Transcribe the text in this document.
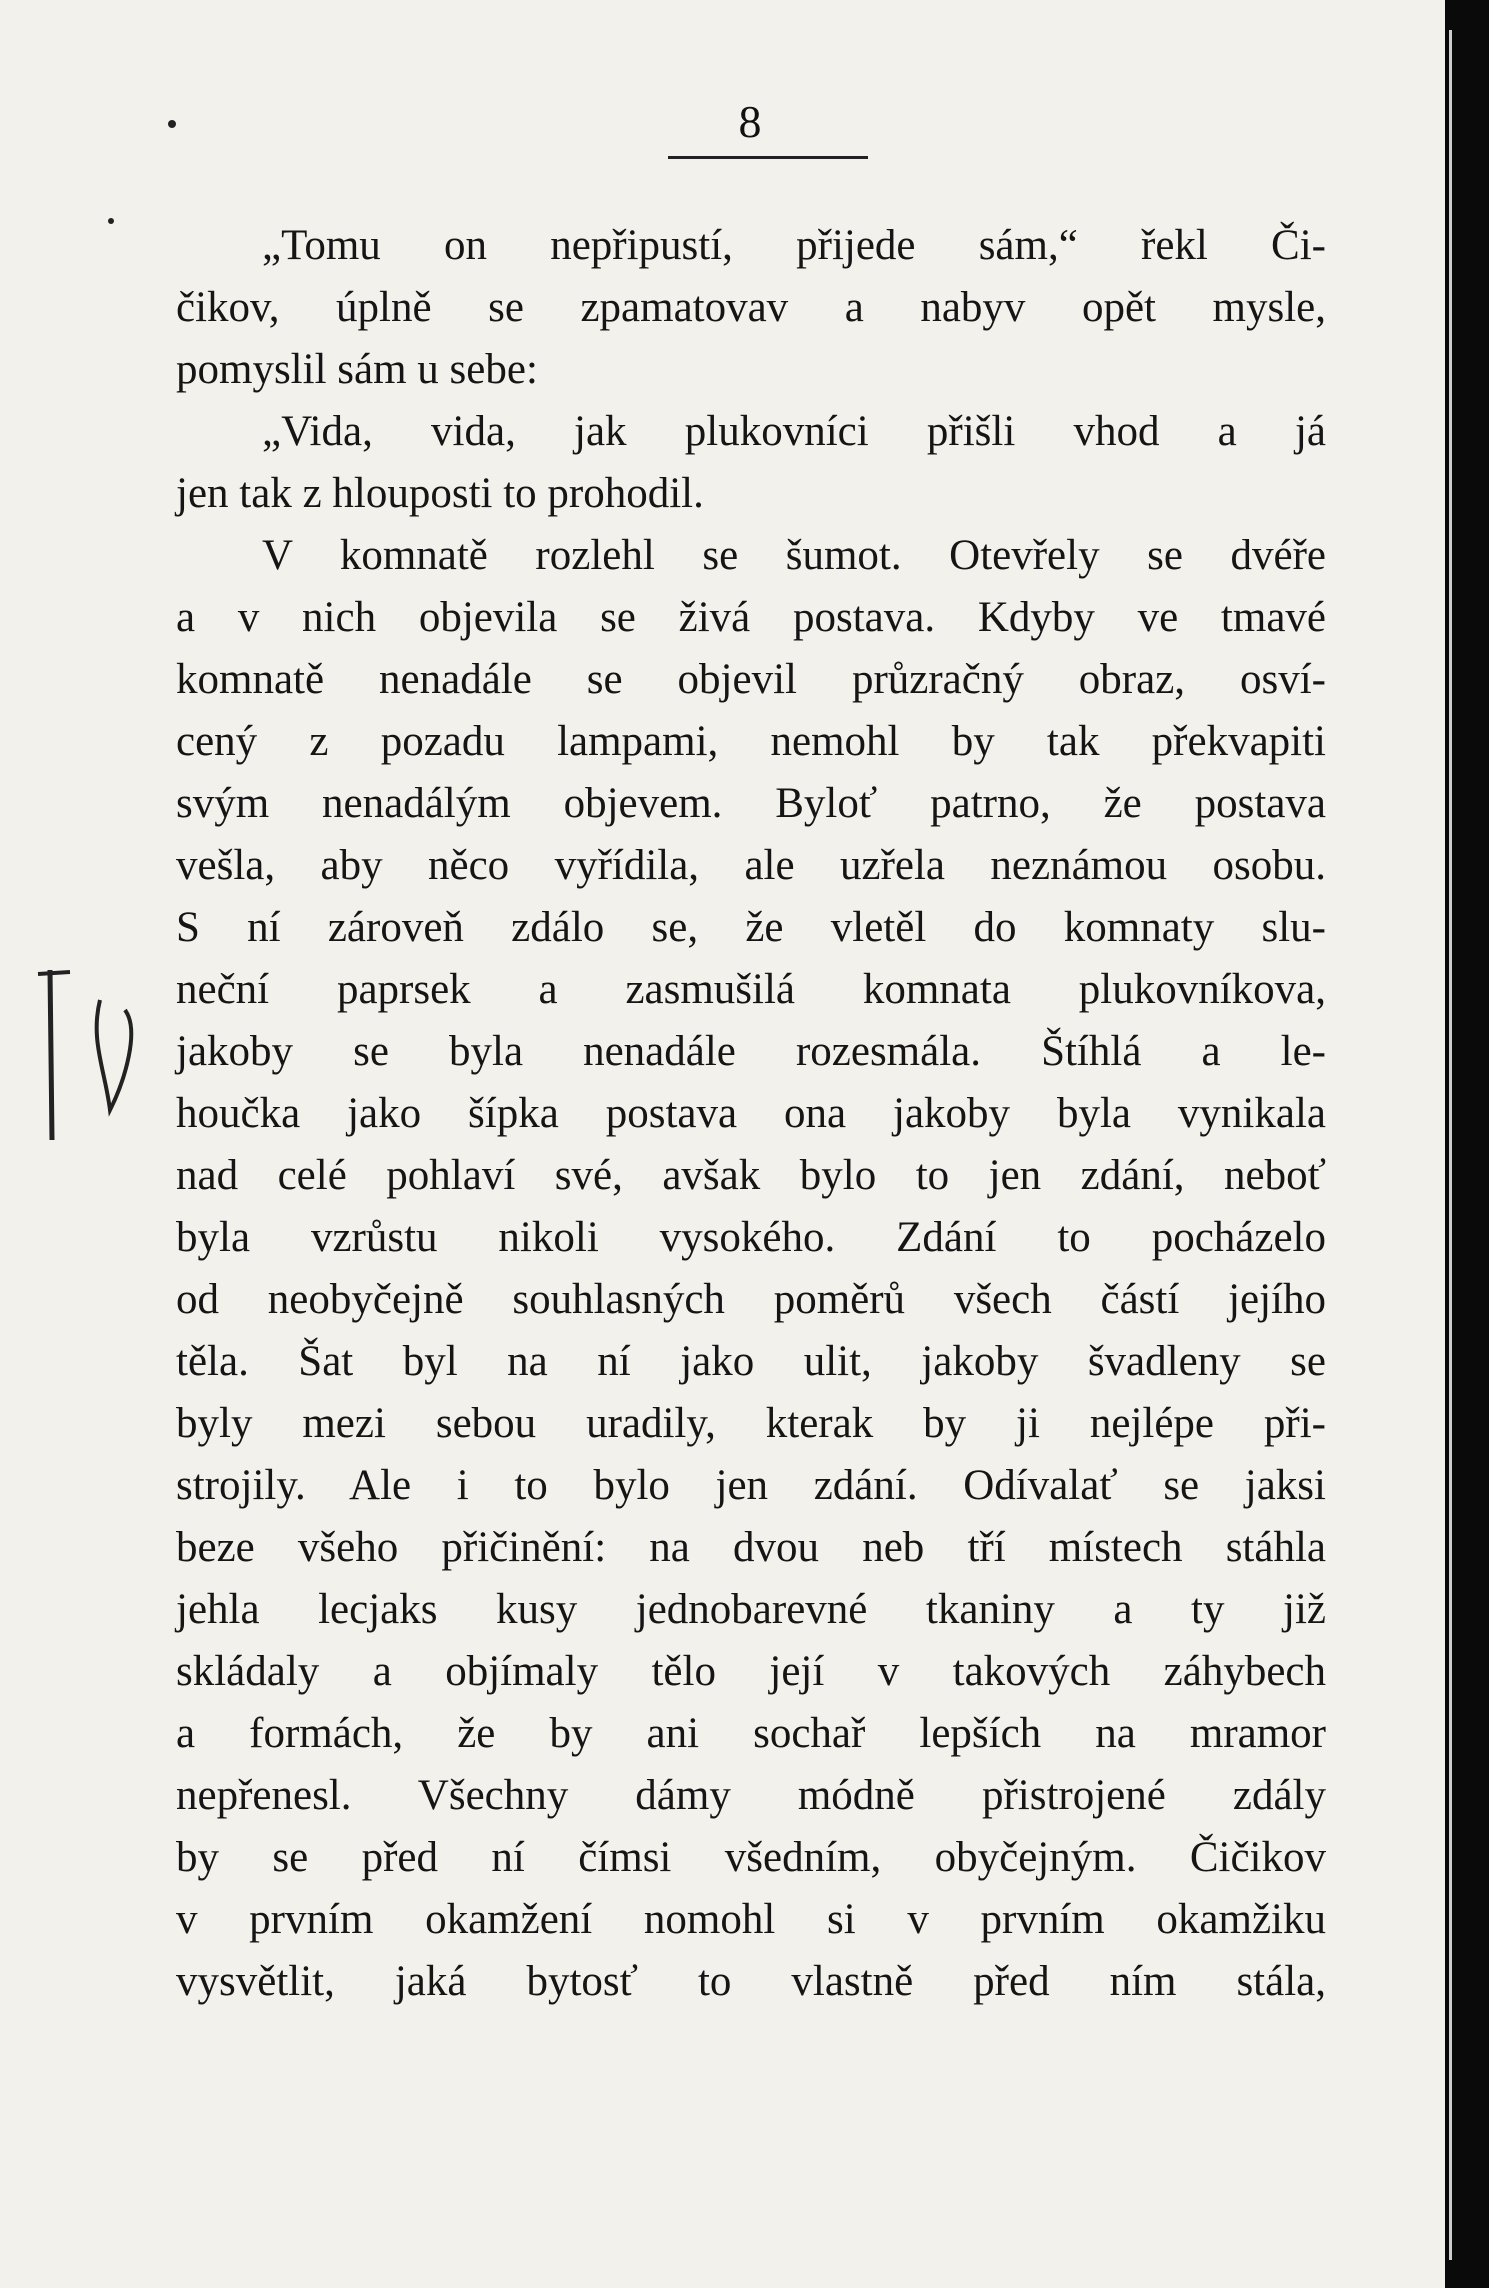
8
„Tomu on nepřipustí, přijede sám,“ řekl Či-
čikov, úplně se zpamatovav a nabyv opět mysle,
pomyslil sám u sebe:
„Vida, vida, jak plukovníci přišli vhod a já
jen tak z hlouposti to prohodil.
V komnatě rozlehl se šumot. Otevřely se dvéře
a v nich objevila se živá postava. Kdyby ve tmavé
komnatě nenadále se objevil průzračný obraz, osví-
cený z pozadu lampami, nemohl by tak překvapiti
svým nenadálým objevem. Byloť patrno, že postava
vešla, aby něco vyřídila, ale uzřela neznámou osobu.
S ní zároveň zdálo se, že vletěl do komnaty slu-
neční paprsek a zasmušilá komnata plukovníkova,
jakoby se byla nenadále rozesmála. Štíhlá a le-
houčka jako šípka postava ona jakoby byla vynikala
nad celé pohlaví své, avšak bylo to jen zdání, neboť
byla vzrůstu nikoli vysokého. Zdání to pocházelo
od neobyčejně souhlasných poměrů všech částí jejího
těla. Šat byl na ní jako ulit, jakoby švadleny se
byly mezi sebou uradily, kterak by ji nejlépe při-
strojily. Ale i to bylo jen zdání. Odívalať se jaksi
beze všeho přičinění: na dvou neb tří místech stáhla
jehla lecjaks kusy jednobarevné tkaniny a ty již
skládaly a objímaly tělo její v takových záhybech
a formách, že by ani sochař lepších na mramor
nepřenesl. Všechny dámy módně přistrojené zdály
by se před ní čímsi všedním, obyčejným. Čičikov
v prvním okamžení nomohl si v prvním okamžiku
vysvětlit, jaká bytosť to vlastně před ním stála,
